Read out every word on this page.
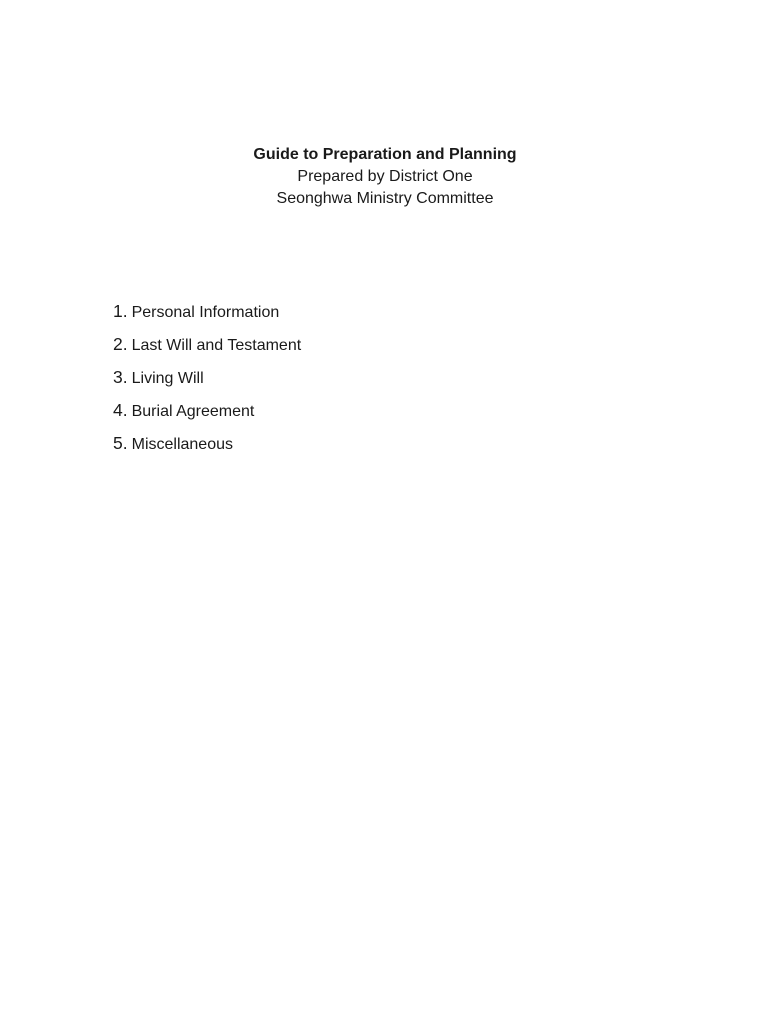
Guide to Preparation and Planning
Prepared by District One
Seonghwa Ministry Committee
1. Personal Information
2. Last Will and Testament
3. Living Will
4. Burial Agreement
5. Miscellaneous
